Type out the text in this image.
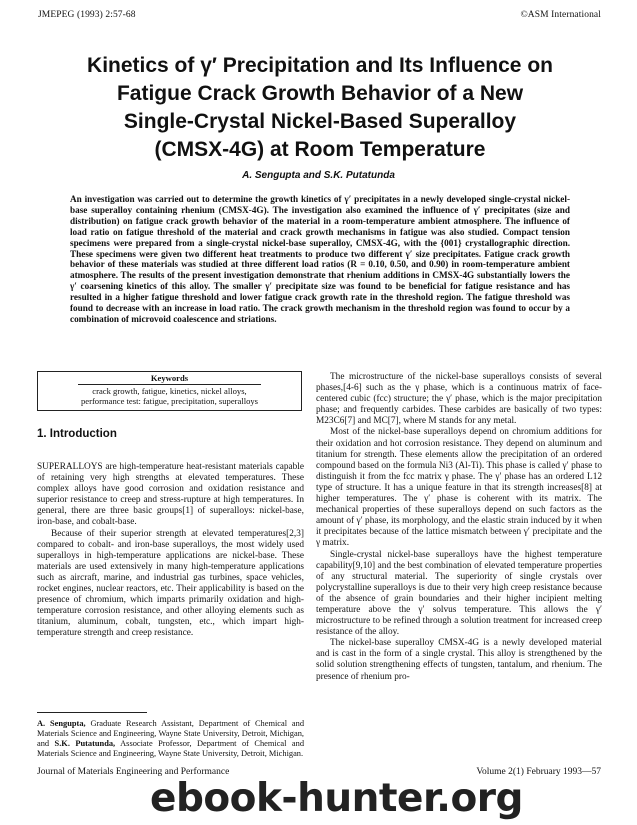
JMEPEG (1993) 2:57-68	©ASM International
Kinetics of γ′ Precipitation and Its Influence on
Fatigue Crack Growth Behavior of a New
Single-Crystal Nickel-Based Superalloy
(CMSX-4G) at Room Temperature
A. Sengupta and S.K. Putatunda
An investigation was carried out to determine the growth kinetics of γ′ precipitates in a newly developed single-crystal nickel-base superalloy containing rhenium (CMSX-4G). The investigation also examined the influence of γ′ precipitates (size and distribution) on fatigue crack growth behavior of the material in a room-temperature ambient atmosphere. The influence of load ratio on fatigue threshold of the material and crack growth mechanisms in fatigue was also studied. Compact tension specimens were prepared from a single-crystal nickel-base superalloy, CMSX-4G, with the {001} crystallographic direction. These specimens were given two different heat treatments to produce two different γ′ size precipitates. Fatigue crack growth behavior of these materials was studied at three different load ratios (R = 0.10, 0.50, and 0.90) in room-temperature ambient atmosphere. The results of the present investigation demonstrate that rhenium additions in CMSX-4G substantially lowers the γ′ coarsening kinetics of this alloy. The smaller γ′ precipitate size was found to be beneficial for fatigue resistance and has resulted in a higher fatigue threshold and lower fatigue crack growth rate in the threshold region. The fatigue threshold was found to decrease with an increase in load ratio. The crack growth mechanism in the threshold region was found to occur by a combination of microvoid coalescence and striations.
Keywords
crack growth, fatigue, kinetics, nickel alloys,
performance test: fatigue, precipitation, superalloys
1. Introduction

SUPERALLOYS are high-temperature heat-resistant materials capable of retaining very high strengths at elevated temperatures. These complex alloys have good corrosion and oxidation resistance and superior resistance to creep and stress-rupture at high temperatures. In general, there are three basic groups[1] of superalloys: nickel-base, iron-base, and cobalt-base.

Because of their superior strength at elevated temperatures[2,3] compared to cobalt- and iron-base superalloys, the most widely used superalloys in high-temperature applications are nickel-base. These materials are used extensively in many high-temperature applications such as aircraft, marine, and industrial gas turbines, space vehicles, rocket engines, nuclear reactors, etc. Their applicability is based on the presence of chromium, which imparts primarily oxidation and high-temperature corrosion resistance, and other alloying elements such as titanium, aluminum, cobalt, tungsten, etc., which impart high-temperature strength and creep resistance.

A. Sengupta, Graduate Research Assistant, Department of Chemical and Materials Science and Engineering, Wayne State University, Detroit, Michigan, and S.K. Putatunda, Associate Professor, Department of Chemical and Materials Science and Engineering, Wayne State University, Detroit, Michigan.

The microstructure of the nickel-base superalloys consists of several phases,[4-6] such as the γ phase, which is a continuous matrix of face-centered cubic (fcc) structure; the γ′ phase, which is the major precipitation phase; and frequently carbides. These carbides are basically of two types: M23C6[7] and MC[7], where M stands for any metal.

Most of the nickel-base superalloys depend on chromium additions for their oxidation and hot corrosion resistance. They depend on aluminum and titanium for strength. These elements allow the precipitation of an ordered compound based on the formula Ni3 (Al-Ti). This phase is called γ′ phase to distinguish it from the fcc matrix γ phase. The γ′ phase has an ordered L12 type of structure. It has a unique feature in that its strength increases[8] at higher temperatures. The γ′ phase is coherent with its matrix. The mechanical properties of these superalloys depend on such factors as the amount of γ′ phase, its morphology, and the elastic strain induced by it when it precipitates because of the lattice mismatch between γ′ precipitate and the γ matrix.

Single-crystal nickel-base superalloys have the highest temperature capability[9,10] and the best combination of elevated temperature properties of any structural material. The superiority of single crystals over polycrystalline superalloys is due to their very high creep resistance because of the absence of grain boundaries and their higher incipient melting temperature above the γ′ solvus temperature. This allows the γ′ microstructure to be refined through a solution treatment for increased creep resistance of the alloy.

The nickel-base superalloy CMSX-4G is a newly developed material and is cast in the form of a single crystal. This alloy is strengthened by the solid solution strengthening effects of tungsten, tantalum, and rhenium. The presence of rhenium pro-

Journal of Materials Engineering and Performance	Volume 2(1) February 1993—57
ebook-hunter.org
